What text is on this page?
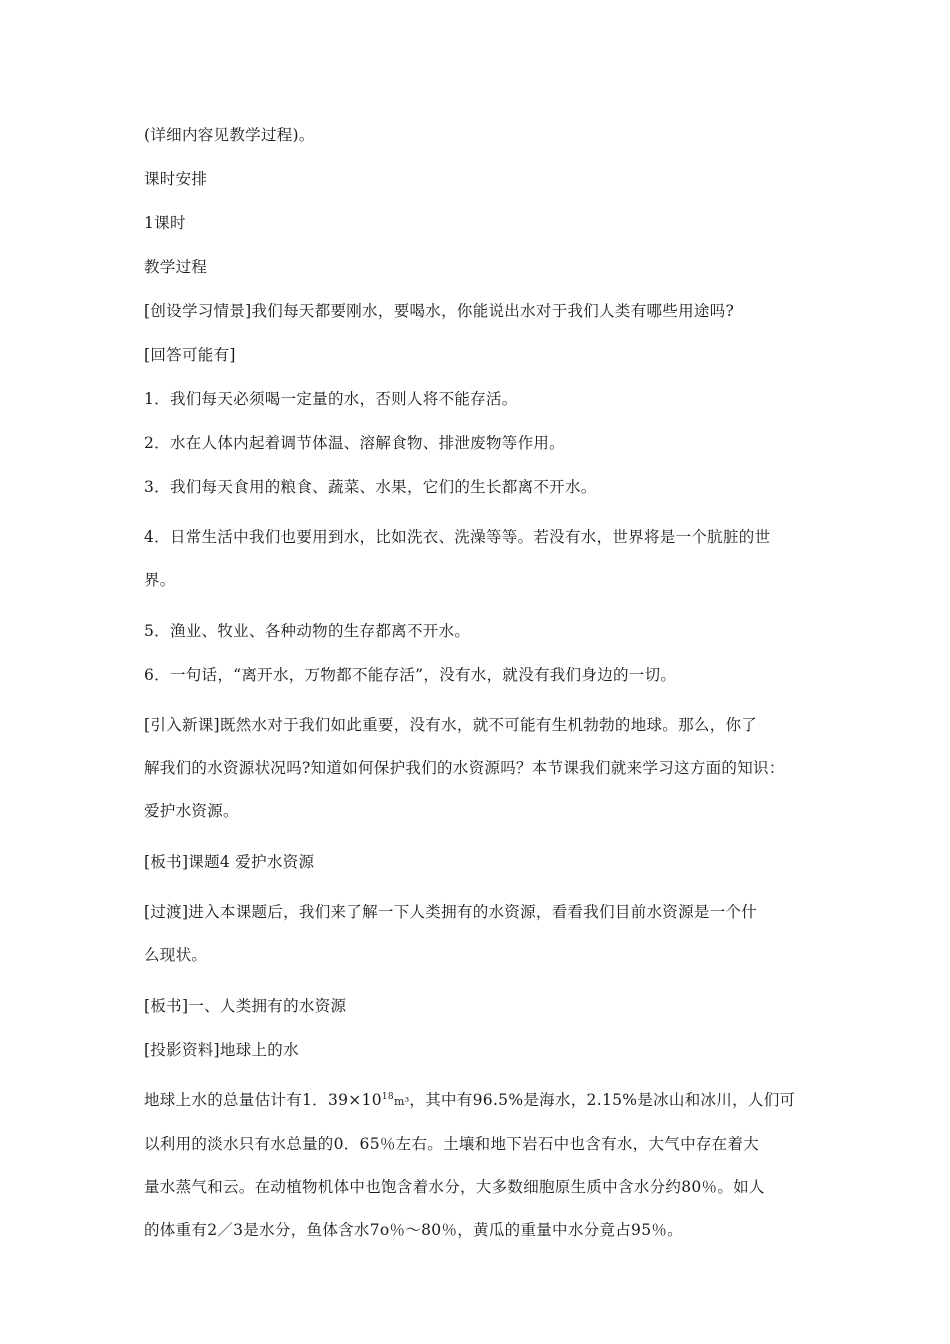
(详细内容见教学过程)。

课时安排

1课时

教学过程

[创设学习情景]我们每天都要刚水，要喝水，你能说出水对于我们人类有哪些用途吗?

[回答可能有]

1．我们每天必须喝一定量的水，否则人将不能存活。

2．水在人体内起着调节体温、溶解食物、排泄废物等作用。

3．我们每天食用的粮食、蔬菜、水果，它们的生长都离不开水。

4．日常生活中我们也要用到水，比如洗衣、洗澡等等。若没有水，世界将是一个肮脏的世
界。

5．渔业、牧业、各种动物的生存都离不开水。

6．一句话，“离开水，万物都不能存活”，没有水，就没有我们身边的一切。

[引入新课]既然水对于我们如此重要，没有水，就不可能有生机勃勃的地球。那么，你了
解我们的水资源状况吗?知道如何保护我们的水资源吗？本节课我们就来学习这方面的知识：
爱护水资源。

[板书]课题4 爱护水资源

[过渡]进入本课题后，我们来了解一下人类拥有的水资源，看看我们目前水资源是一个什
么现状。

[板书]一、人类拥有的水资源

[投影资料]地球上的水

地球上水的总量估计有1．$39\times 10^{18}m^3$，其中有96.5%是海水，2.15%是冰山和冰川，人们可
以利用的淡水只有水总量的0．65％左右。土壤和地下岩石中也含有水，大气中存在着大
量水蒸气和云。在动植物机体中也饱含着水分，大多数细胞原生质中含水分约80％。如人
的体重有2／3是水分，鱼体含水7o％～80％，黄瓜的重量中水分竟占95％。
